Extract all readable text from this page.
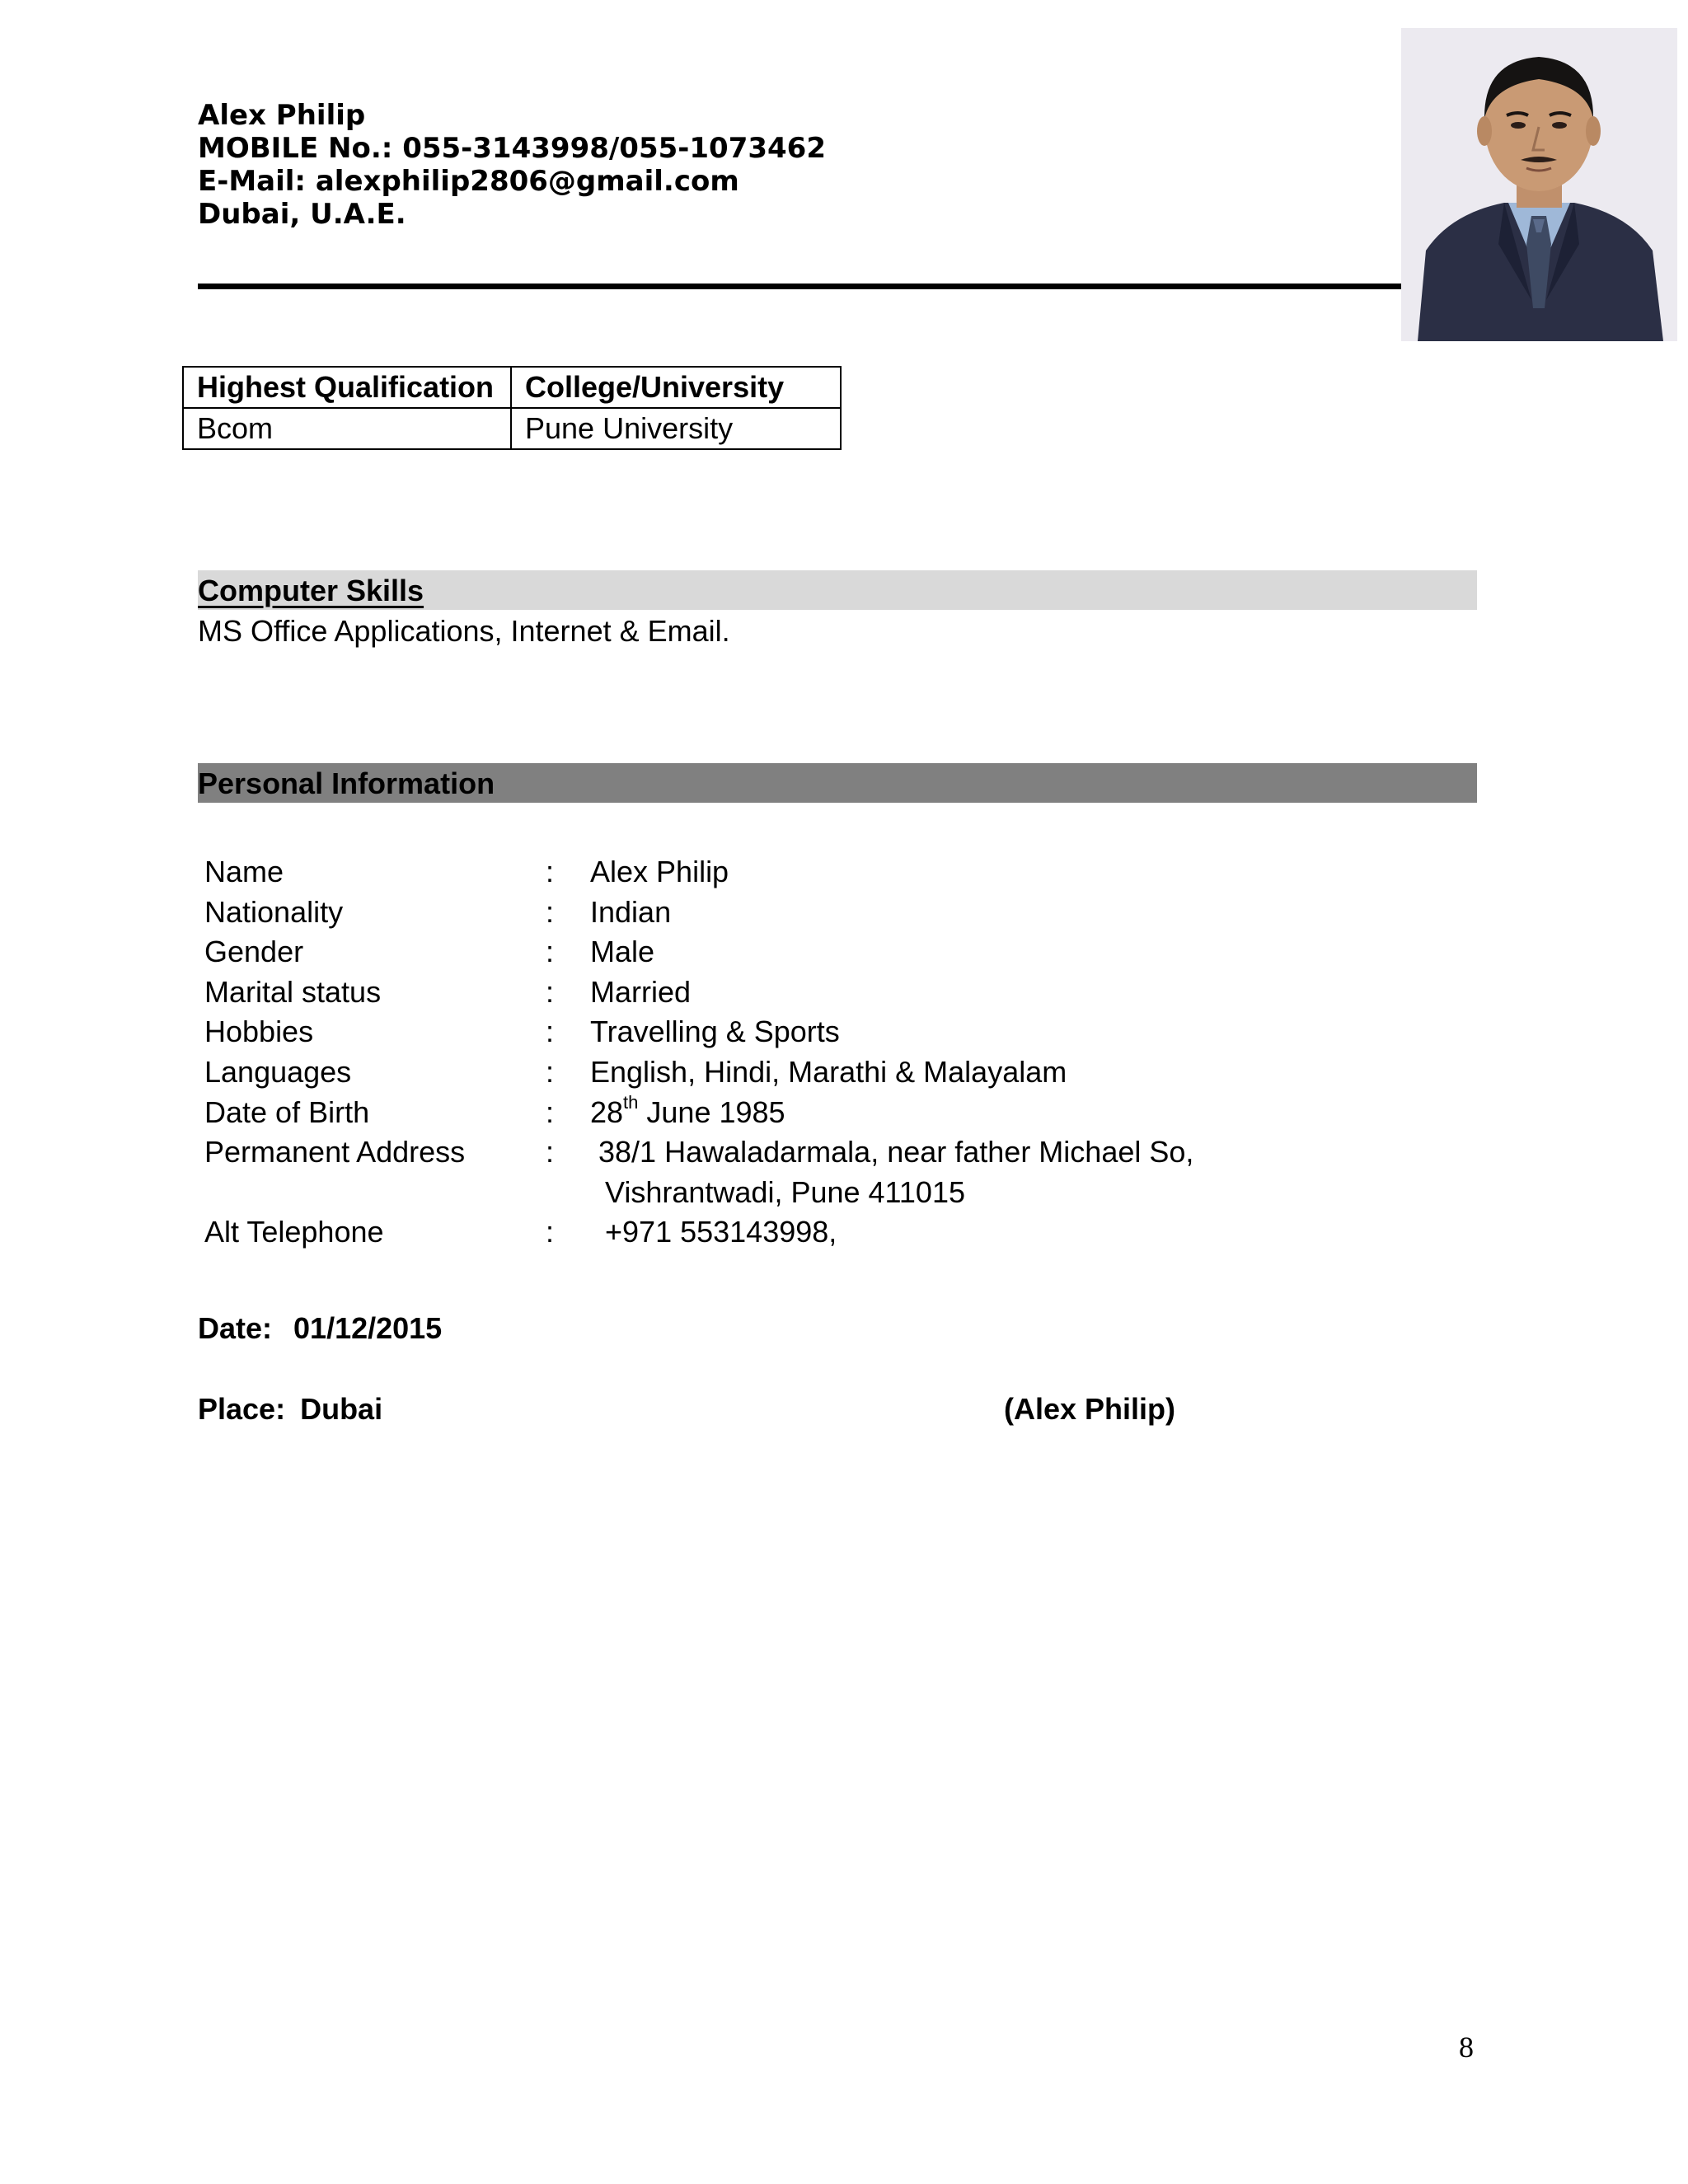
Alex Philip
MOBILE No.: 055-3143998/055-1073462
E-Mail: alexphilip2806@gmail.com
Dubai, U.A.E.
Highest Qualification	College/University
Bcom	Pune University
Computer Skills
MS Office Applications, Internet & Email.
Personal Information
Name	: Alex Philip
Nationality	: Indian
Gender	: Male
Marital status	: Married
Hobbies	: Travelling & Sports
Languages	: English, Hindi, Marathi & Malayalam
Date of Birth	: 28th June 1985
Permanent Address	: 38/1 Hawaladarmala, near father Michael So,
Vishrantwadi, Pune 411015
Alt Telephone	: +971 553143998,
Date: 01/12/2015
Place: Dubai	(Alex Philip)
8
